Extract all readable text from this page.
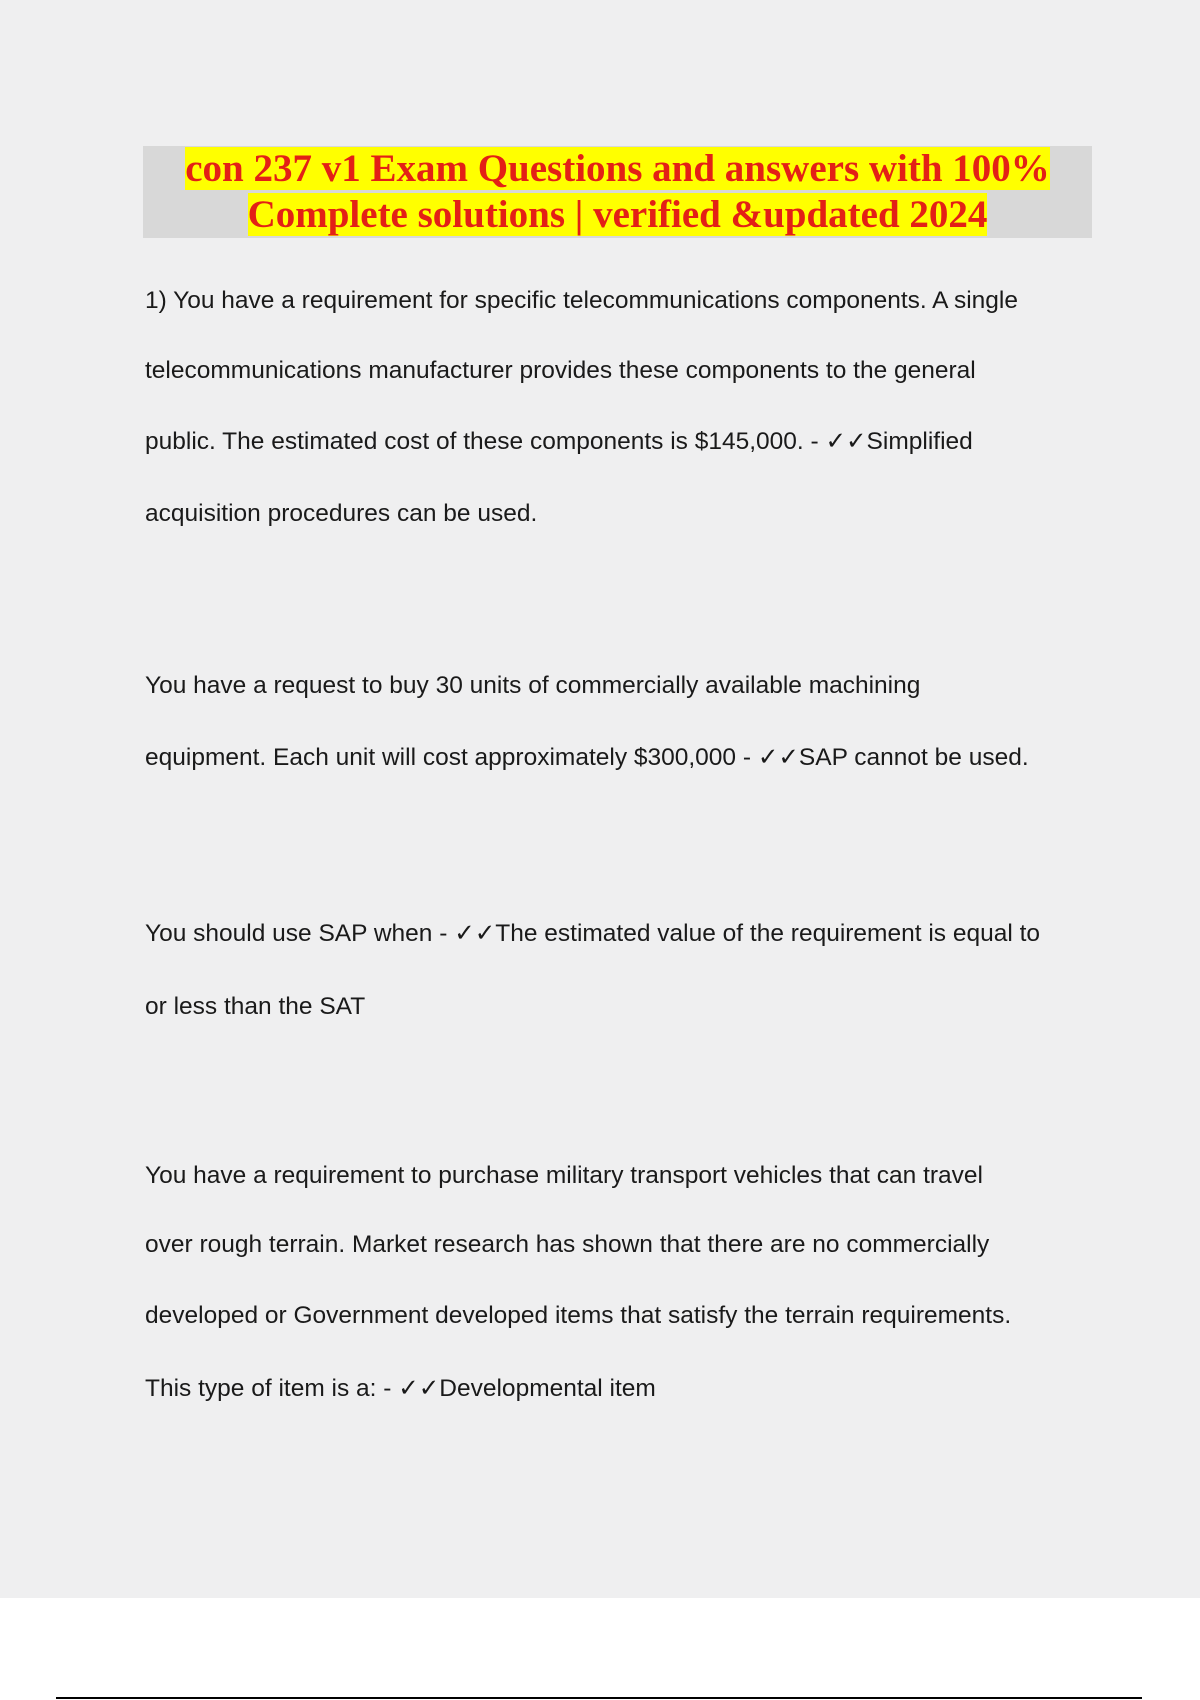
con 237 v1 Exam Questions and answers with 100%
Complete solutions | verified &updated 2024
1) You have a requirement for specific telecommunications components. A single
telecommunications manufacturer provides these components to the general
public. The estimated cost of these components is $145,000. - ✓✓Simplified
acquisition procedures can be used.
You have a request to buy 30 units of commercially available machining
equipment. Each unit will cost approximately $300,000 - ✓✓SAP cannot be used.
You should use SAP when - ✓✓The estimated value of the requirement is equal to
or less than the SAT
You have a requirement to purchase military transport vehicles that can travel
over rough terrain. Market research has shown that there are no commercially
developed or Government developed items that satisfy the terrain requirements.
This type of item is a: - ✓✓Developmental item
